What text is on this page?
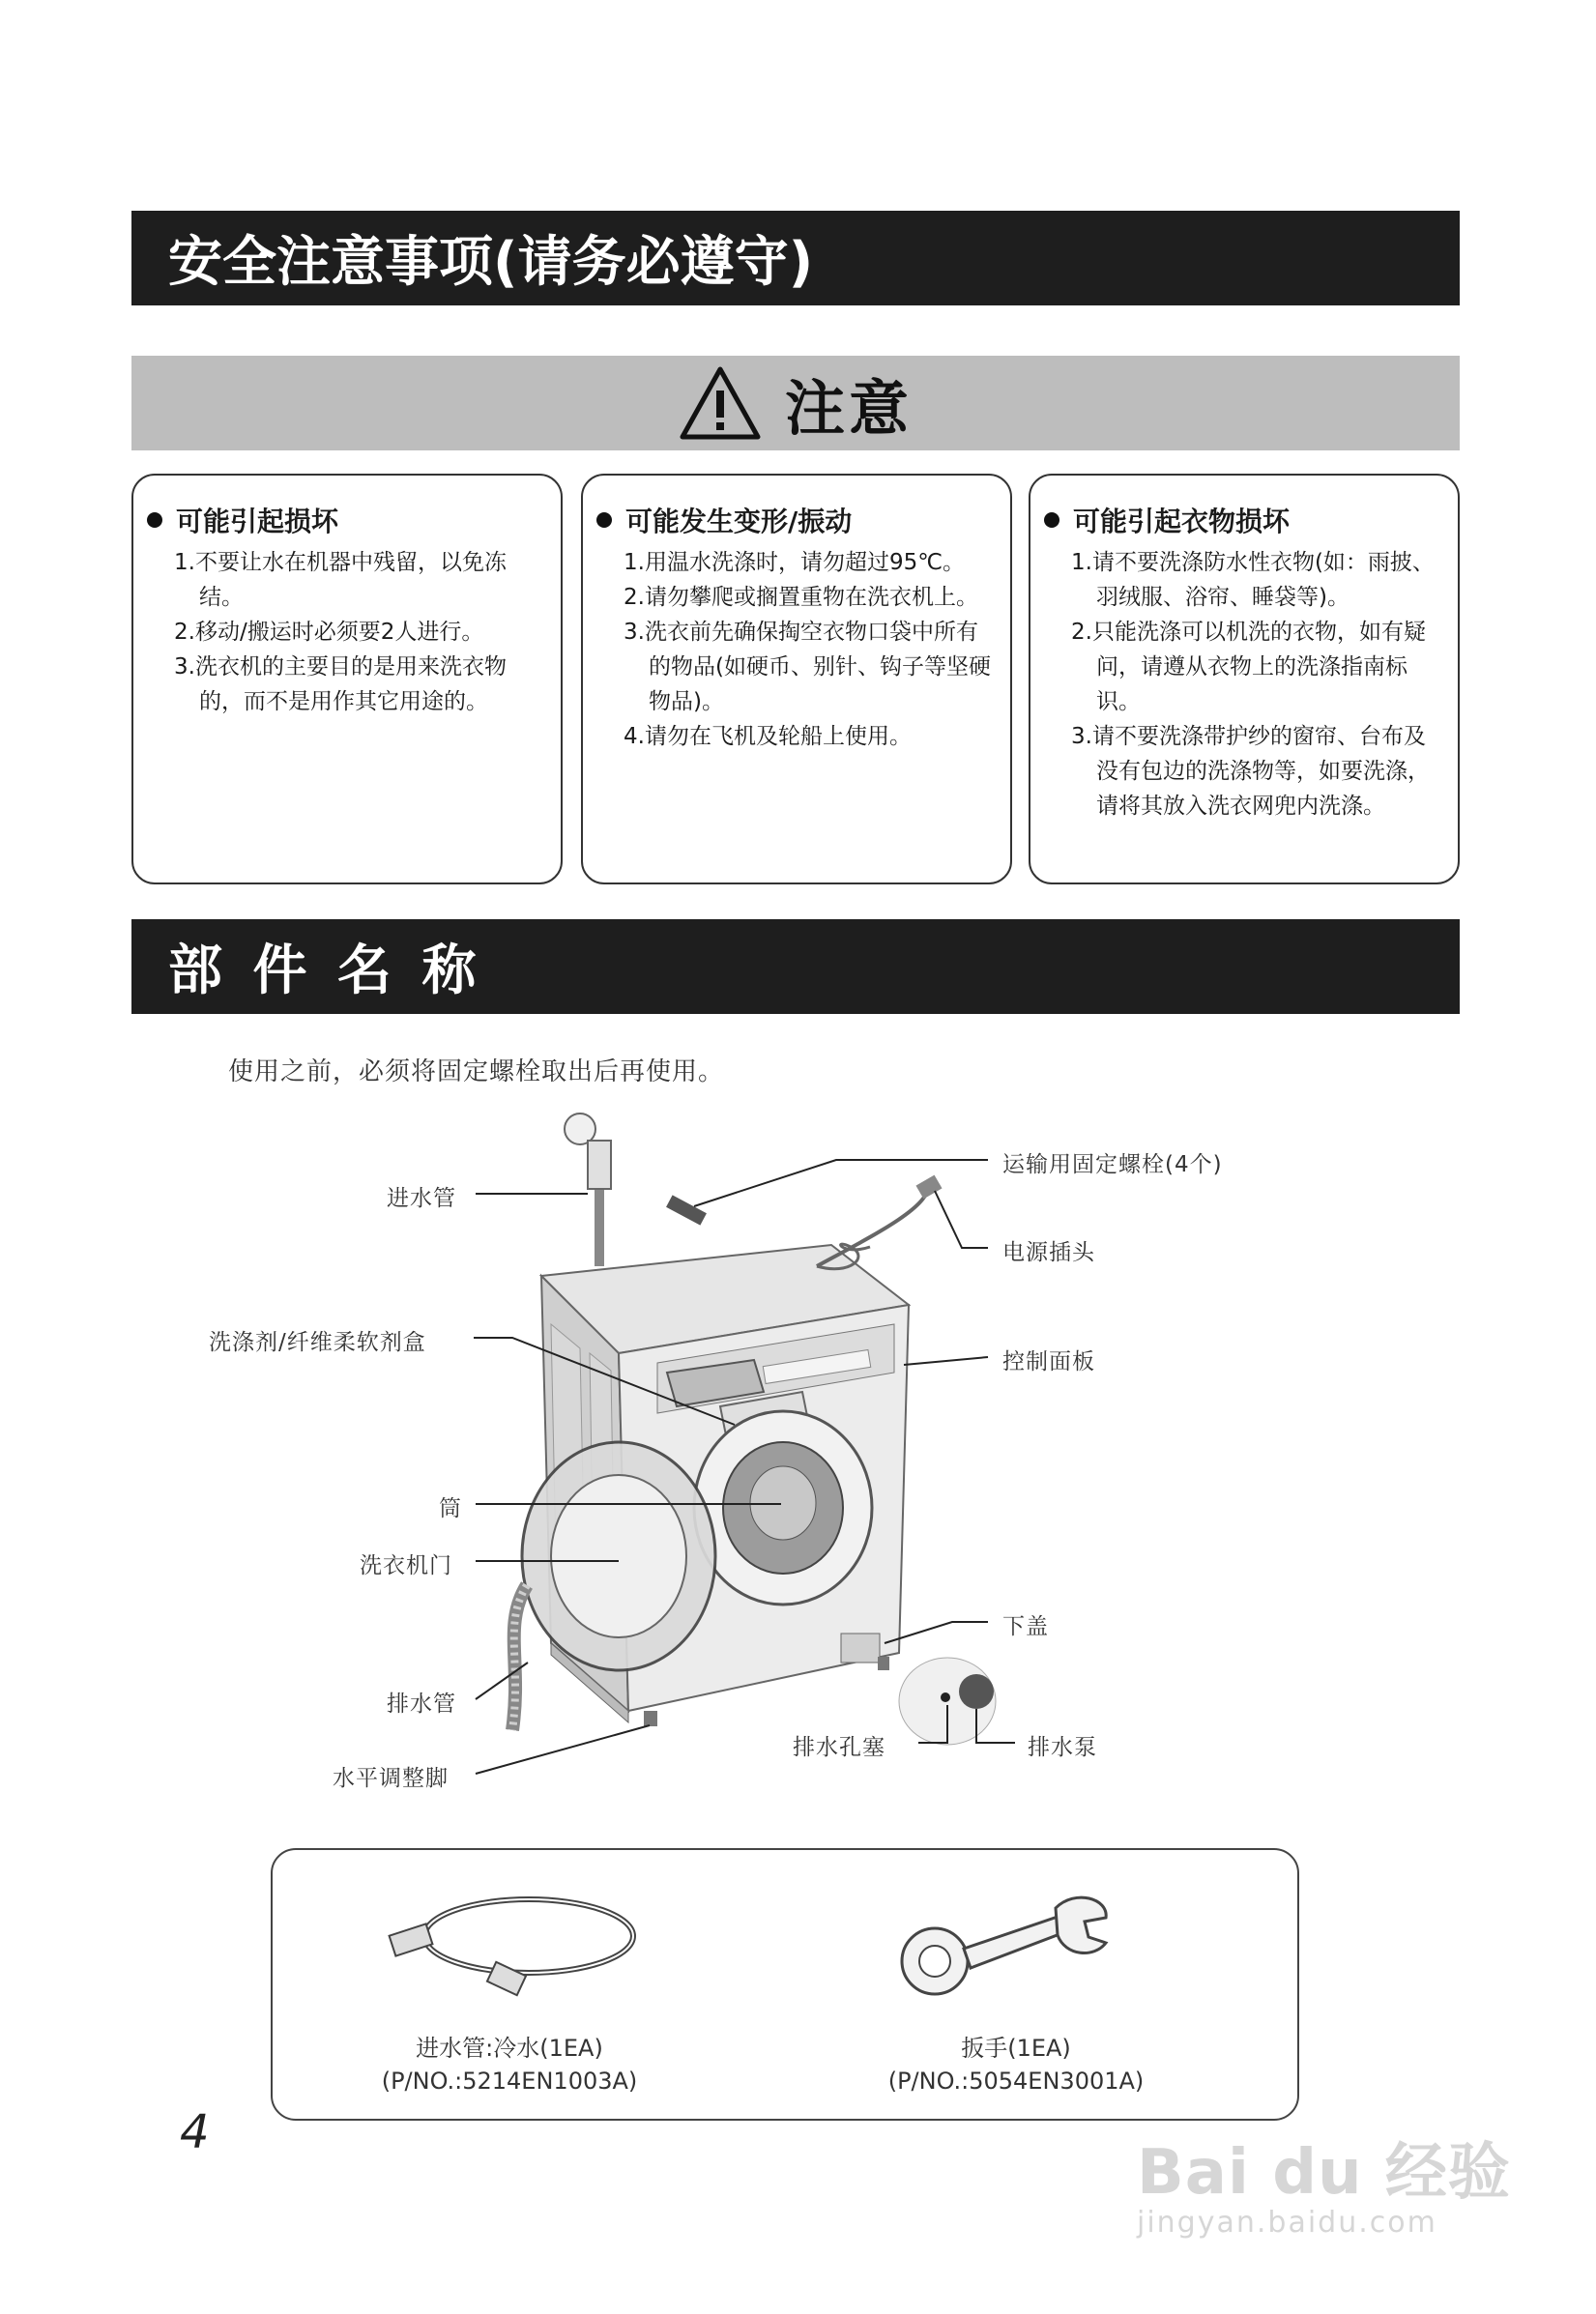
安全注意事项(请务必遵守)
注意
可能引起损坏
1.不要让水在机器中残留，以免冻结。
2.移动/搬运时必须要2人进行。
3.洗衣机的主要目的是用来洗衣物的，而不是用作其它用途的。
可能发生变形/振动
1.用温水洗涤时，请勿超过95℃。
2.请勿攀爬或搁置重物在洗衣机上。
3.洗衣前先确保掏空衣物口袋中所有的物品(如硬币、别针、钩子等坚硬物品)。
4.请勿在飞机及轮船上使用。
可能引起衣物损坏
1.请不要洗涤防水性衣物(如：雨披、羽绒服、浴帘、睡袋等)。
2.只能洗涤可以机洗的衣物，如有疑问，请遵从衣物上的洗涤指南标识。
3.请不要洗涤带护纱的窗帘、台布及没有包边的洗涤物等，如要洗涤，请将其放入洗衣网兜内洗涤。
部 件 名 称
使用之前，必须将固定螺栓取出后再使用。
进水管
运输用固定螺栓(4个)
电源插头
洗涤剂/纤维柔软剂盒
控制面板
筒
洗衣机门
下盖
排水管
排水孔塞	排水泵
水平调整脚
进水管:冷水(1EA)
(P/NO.:5214EN1003A)
扳手(1EA)
(P/NO.:5054EN3001A)
4
Bai du 经验
jingyan.baidu.com
